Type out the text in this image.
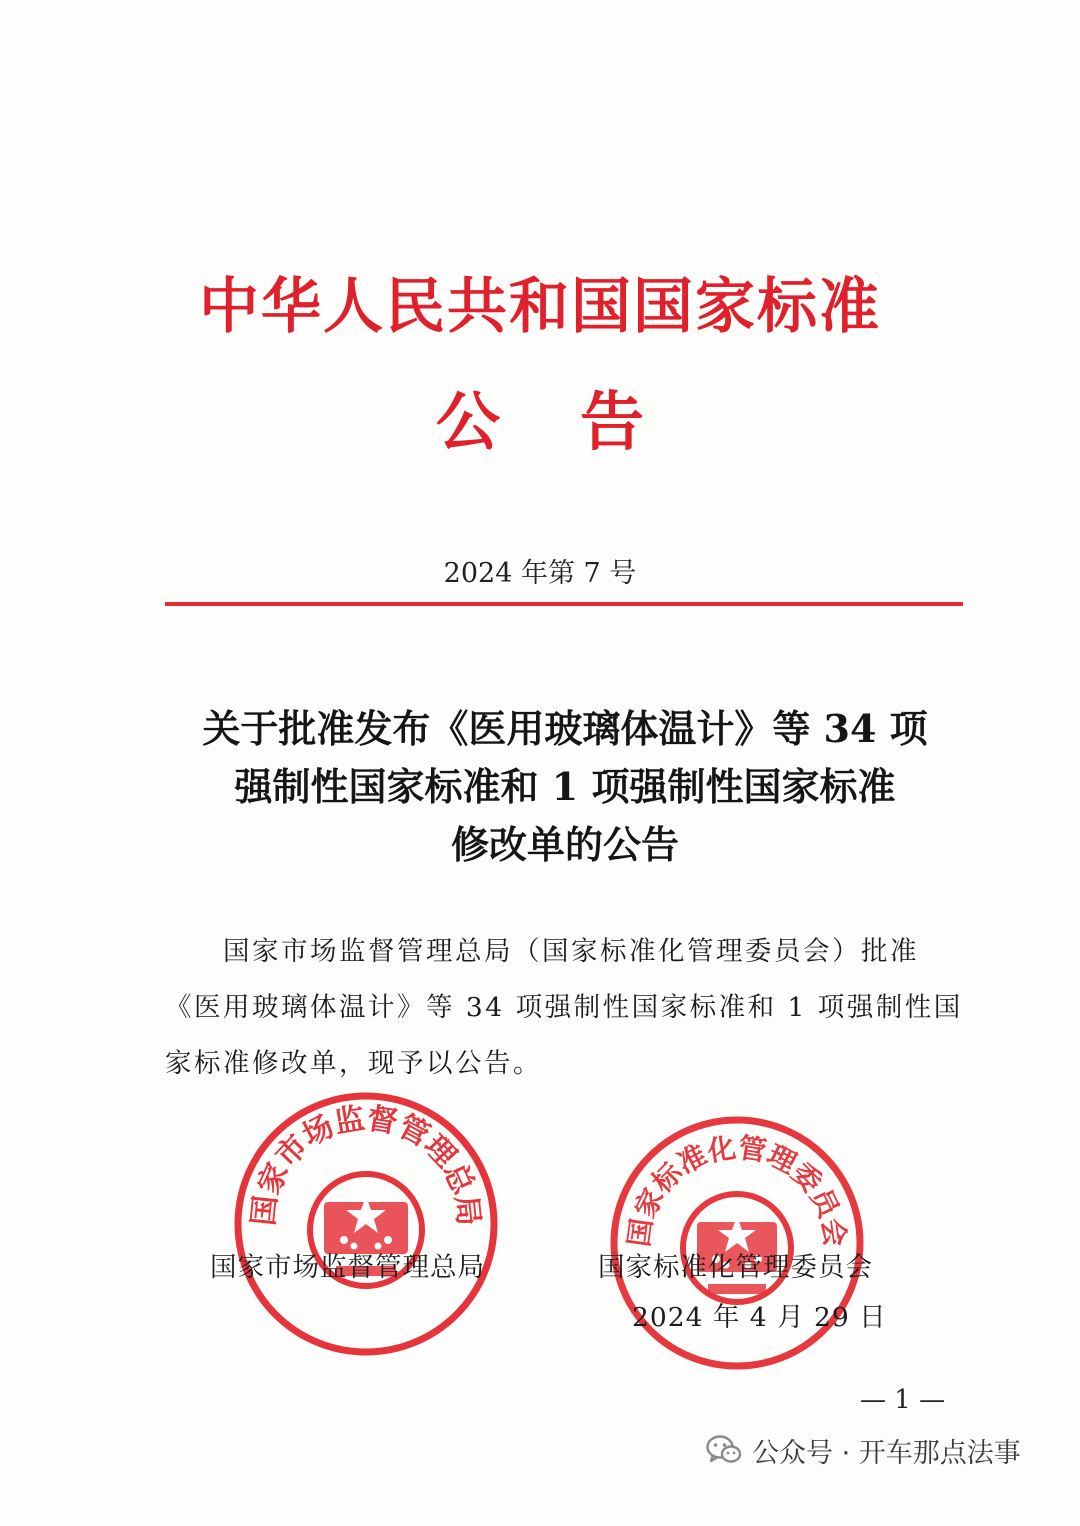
中华人民共和国国家标准
公告
2024 年第 7 号
关于批准发布《医用玻璃体温计》等 34 项
强制性国家标准和 1 项强制性国家标准
修改单的公告
国家市场监督管理总局（国家标准化管理委员会）批准
《医用玻璃体温计》等 34 项强制性国家标准和 1 项强制性国
家标准修改单，现予以公告。
国家市场监督管理总局
国家标准化管理委员会
国家市场监督管理总局	国家标准化管理委员会
2024 年 4 月 29 日
— 1 —
公众号 · 开车那点法事
